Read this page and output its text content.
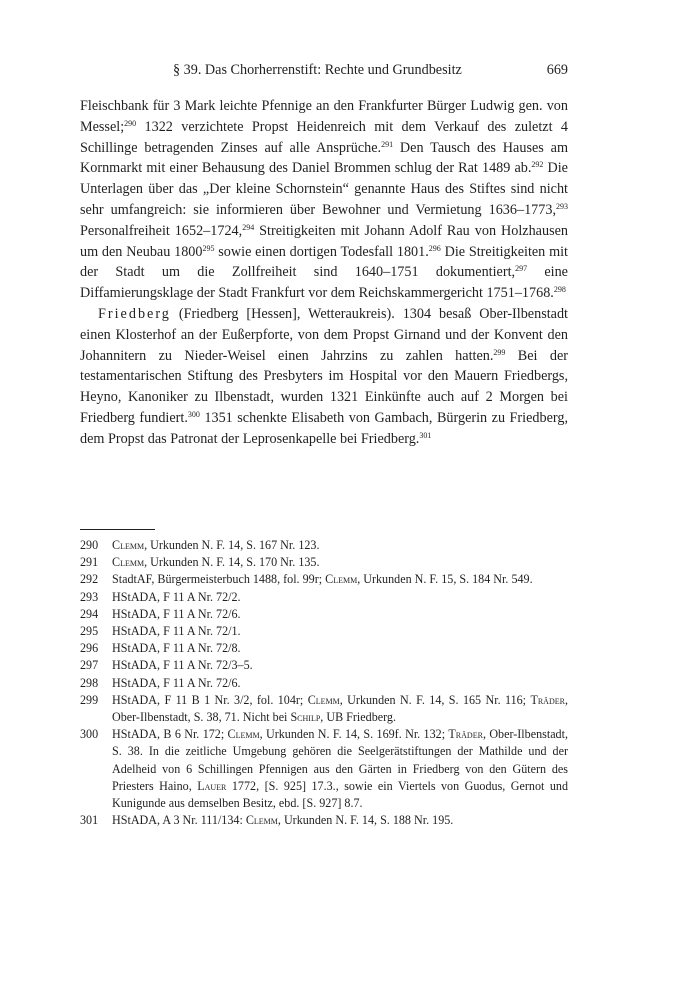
§ 39. Das Chorherrenstift: Rechte und Grundbesitz	669

Fleischbank für 3 Mark leichte Pfennige an den Frankfurter Bürger Ludwig gen. von Messel;$^{290}$ 1322 verzichtete Propst Heidenreich mit dem Verkauf des zuletzt 4 Schillinge betragenden Zinses auf alle Ansprüche.$^{291}$ Den Tausch des Hauses am Kornmarkt mit einer Behausung des Daniel Brommen schlug der Rat 1489 ab.$^{292}$ Die Unterlagen über das „Der kleine Schornstein“ genannte Haus des Stiftes sind nicht sehr umfangreich: sie informieren über Bewohner und Vermietung 1636–1773,$^{293}$ Personalfreiheit 1652–1724,$^{294}$ Streitigkeiten mit Johann Adolf Rau von Holzhausen um den Neubau 1800$^{295}$ sowie einen dortigen Todesfall 1801.$^{296}$ Die Streitigkeiten mit der Stadt um die Zollfreiheit sind 1640–1751 dokumentiert,$^{297}$ eine Diffamierungsklage der Stadt Frankfurt vor dem Reichskammergericht 1751–1768.$^{298}$

Friedberg (Friedberg [Hessen], Wetteraukreis). 1304 besaß Ober-Ilbenstadt einen Klosterhof an der Eußerpforte, von dem Propst Girnand und der Konvent den Johannitern zu Nieder-Weisel einen Jahrzins zu zahlen hatten.$^{299}$ Bei der testamentarischen Stiftung des Presbyters im Hospital vor den Mauern Friedbergs, Heyno, Kanoniker zu Ilbenstadt, wurden 1321 Einkünfte auch auf 2 Morgen bei Friedberg fundiert.$^{300}$ 1351 schenkte Elisabeth von Gambach, Bürgerin zu Friedberg, dem Propst das Patronat der Leprosenkapelle bei Friedberg.$^{301}$

290 Clemm, Urkunden N. F. 14, S. 167 Nr. 123.
291 Clemm, Urkunden N. F. 14, S. 170 Nr. 135.
292 StadtAF, Bürgermeisterbuch 1488, fol. 99r; Clemm, Urkunden N. F. 15, S. 184 Nr. 549.
293 HStADA, F 11 A Nr. 72/2.
294 HStADA, F 11 A Nr. 72/6.
295 HStADA, F 11 A Nr. 72/1.
296 HStADA, F 11 A Nr. 72/8.
297 HStADA, F 11 A Nr. 72/3–5.
298 HStADA, F 11 A Nr. 72/6.
299 HStADA, F 11 B 1 Nr. 3/2, fol. 104r; Clemm, Urkunden N. F. 14, S. 165 Nr. 116; Träder, Ober-Ilbenstadt, S. 38, 71. Nicht bei Schilp, UB Friedberg.
300 HStADA, B 6 Nr. 172; Clemm, Urkunden N. F. 14, S. 169f. Nr. 132; Träder, Ober-Ilbenstadt, S. 38. In die zeitliche Umgebung gehören die Seelgerätstiftungen der Mathilde und der Adelheid von 6 Schillingen Pfennigen aus den Gärten in Friedberg von den Gütern des Priesters Haino, Lauer 1772, [S. 925] 17.3., sowie ein Viertels von Guodus, Gernot und Kunigunde aus demselben Besitz, ebd. [S. 927] 8.7.
301 HStADA, A 3 Nr. 111/134: Clemm, Urkunden N. F. 14, S. 188 Nr. 195.
